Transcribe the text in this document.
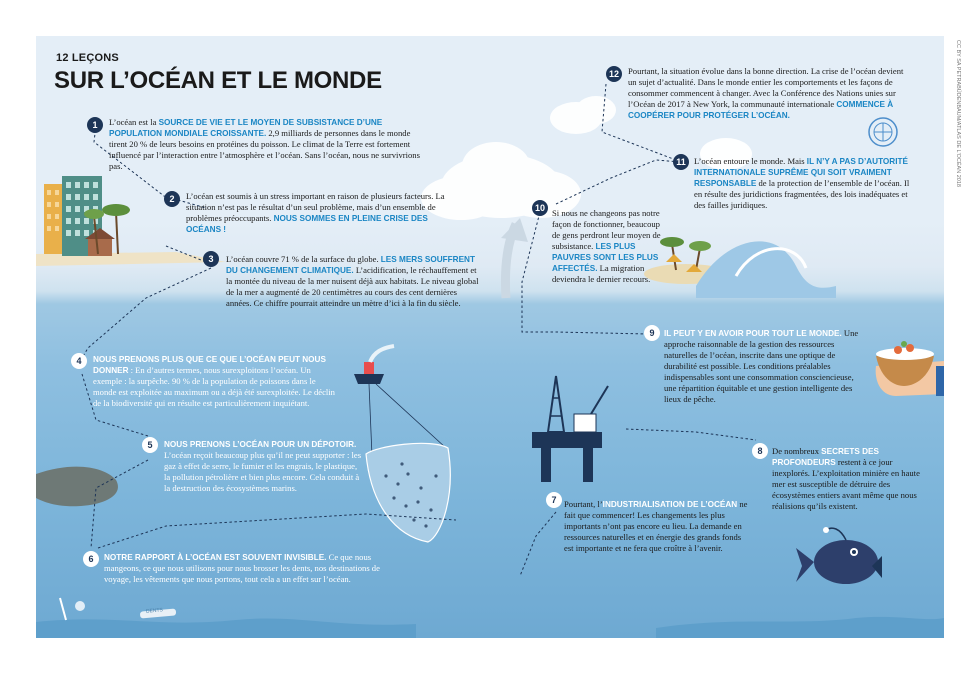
12 LEÇONS
SUR L’OCÉAN ET LE MONDE
1	L’océan est la SOURCE DE VIE ET LE MOYEN DE SUBSISTANCE D’UNE POPULATION MONDIALE CROISSANTE. 2,9 milliards de personnes dans le monde tirent 20 % de leurs besoins en protéines du poisson. Le climat de la Terre est fortement influencé par l’interaction entre l’atmosphère et l’océan. Sans l’océan, nous ne survivrions pas.
2	L’océan est soumis à un stress important en raison de plusieurs facteurs. La situation n’est pas le résultat d’un seul problème, mais d’un ensemble de problèmes préoccupants. NOUS SOMMES EN PLEINE CRISE DES OCÉANS !
3	L’océan couvre 71 % de la surface du globe. LES MERS SOUFFRENT DU CHANGEMENT CLIMATIQUE. L’acidification, le réchauffement et la montée du niveau de la mer nuisent déjà aux habitats. Le niveau global de la mer a augmenté de 20 centimètres au cours des cent dernières années. Ce chiffre pourrait atteindre un mètre d’ici à la fin du siècle.
4	NOUS PRENONS PLUS QUE CE QUE L’OCÉAN PEUT NOUS DONNER : En d’autres termes, nous surexploitons l’océan. Un exemple : la surpêche. 90 % de la population de poissons dans le monde est exploitée au maximum ou a déjà été surexploitée. Le déclin de la biodiversité qui en résulte est particulièrement inquiétant.
5	NOUS PRENONS L’OCÉAN POUR UN DÉPOTOIR. L’océan reçoit beaucoup plus qu’il ne peut supporter : les gaz à effet de serre, le fumier et les engrais, le plastique, la pollution pétrolière et bien plus encore. Cela conduit à la destruction des écosystèmes marins.
6	NOTRE RAPPORT À L’OCÉAN EST SOUVENT INVISIBLE. Ce que nous mangeons, ce que nous utilisons pour nous brosser les dents, nos destinations de voyage, les vêtements que nous portons, tout cela a un effet sur l’océan.
7 Pourtant, l’INDUSTRIALISATION DE L’OCÉAN ne fait que commencer! Les changements les plus importants n’ont pas encore eu lieu. La demande en ressources naturelles et en énergie des grands fonds est importante et ne fera que croître à l’avenir.
8	De nombreux SECRETS DES PROFONDEURS restent à ce jour inexplorés. L’exploitation minière en haute mer est susceptible de détruire des écosystèmes entiers avant même que nous réalisions qu’ils existent.
9	IL PEUT Y EN AVOIR POUR TOUT LE MONDE. Une approche raisonnable de la gestion des ressources naturelles de l’océan, inscrite dans une optique de durabilité est possible. Les conditions préalables indispensables sont une consommation consciencieuse, une répartition équitable et une gestion intelligente des lieux de pêche.
10 Si nous ne changeons pas notre façon de fonctionner, beaucoup de gens perdront leur moyen de subsistance. LES PLUS PAUVRES SONT LES PLUS AFFECTÉS. La migration deviendra le dernier recours.
11 L’océan entoure le monde. Mais IL N’Y A PAS D’AUTORITÉ INTERNATIONALE SUPRÊME QUI SOIT VRAIMENT RESPONSABLE de la protection de l’ensemble de l’océan. Il en résulte des juridictions fragmentées, des lois inadéquates et des failles juridiques.
12	Pourtant, la situation évolue dans la bonne direction. La crise de l’océan devient un sujet d’actualité. Dans le monde entier les comportements et les façons de consommer commencent à changer. Avec la Conférence des Nations unies sur l’Océan de 2017 à New York, la communauté internationale COMMENCE À COOPÉRER POUR PROTÉGER L’OCÉAN.
DENTS
CC BY SA PETRABÜDENBAUM/ATLAS DE L'OCÉAN 2018
